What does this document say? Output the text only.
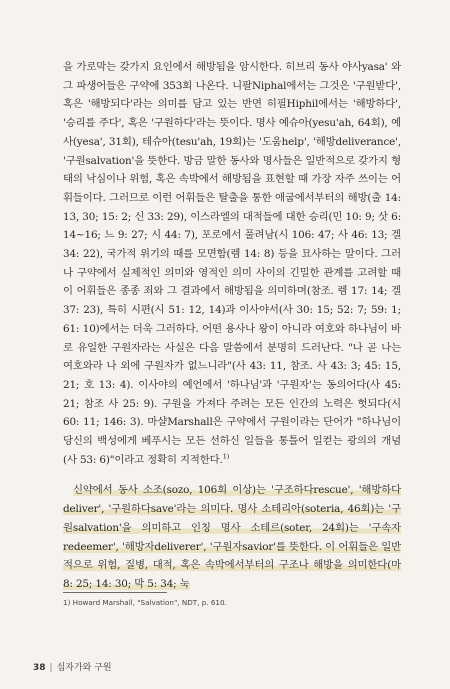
을 가로막는 갖가지 요인에서 해방됨을 암시한다. 히브리 동사 야사yasa' 와 그 파생어들은 구약에 353회 나온다. 니팔Niphal에서는 그것은 '구원받다', 혹은 '해방되다'라는 의미를 담고 있는 반면 히필Hiphil에서는 '해방하다', '승리를 주다', 혹은 '구원하다'라는 뜻이다. 명사 예슈아(yesu'ah, 64회), 예사(yesa', 31회), 테슈아(tesu'ah, 19회)는 '도움help', '해방deliverance', '구원salvation'을 뜻한다. 방금 말한 동사와 명사들은 일반적으로 갖가지 형태의 낙심이나 위험, 혹은 속박에서 해방됨을 표현할 때 가장 자주 쓰이는 어휘들이다. 그러므로 이런 어휘들은 탈출을 통한 애굽에서부터의 해방(출 14: 13, 30; 15: 2; 신 33: 29), 이스라엘의 대적들에 대한 승리(민 10: 9; 삿 6: 14~16; 느 9: 27; 시 44: 7), 포로에서 풀려남(시 106: 47; 사 46: 13; 겔 34: 22), 국가적 위기의 때를 모면함(렘 14: 8) 등을 묘사하는 말이다. 그러나 구약에서 실제적인 의미와 영적인 의미 사이의 긴밀한 관계를 고려할 때 이 어휘들은 종종 죄와 그 결과에서 해방됨을 의미하며(참조. 렘 17: 14; 겔 37: 23), 특히 시편(시 51: 12, 14)과 이사야서(사 30: 15; 52: 7; 59: 1; 61: 10)에서는 더욱 그러하다. 어떤 용사나 왕이 아니라 여호와 하나님이 바로 유일한 구원자라는 사실은 다음 말씀에서 분명히 드러난다. "나 곧 나는 여호와라 나 외에 구원자가 없느니라"(사 43: 11, 참조. 사 43: 3; 45: 15, 21; 호 13: 4). 이사야의 예언에서 '하나님'과 '구원자'는 동의어다(사 45: 21; 참조 사 25: 9). 구원을 가져다 주려는 모든 인간의 노력은 헛되다(시 60: 11; 146: 3). 마샬Marshall은 구약에서 구원이라는 단어가 "하나님이 당신의 백성에게 베푸시는 모든 선하신 일들을 통틀어 일컫는 광의의 개념(사 53: 6)"이라고 정확히 지적한다.$^{1)}$

신약에서 동사 소조(sozo, 106회 이상)는 '구조하다rescue', '해방하다deliver', '구원하다save'라는 의미다. 명사 소테리아(soteria, 46회)는 '구원salvation'을 의미하고 인칭 명사 소테르(soter, 24회)는 '구속자redeemer', '해방자deliverer', '구원자savior'를 뜻한다. 이 어휘들은 일반적으로 위험, 질병, 대적, 혹은 속박에서부터의 구조나 해방을 의미한다(마 8: 25; 14: 30; 막 5: 34; 눅

1) Howard Marshall, "Salvation", NDT, p. 610.
38 | 십자가와 구원
